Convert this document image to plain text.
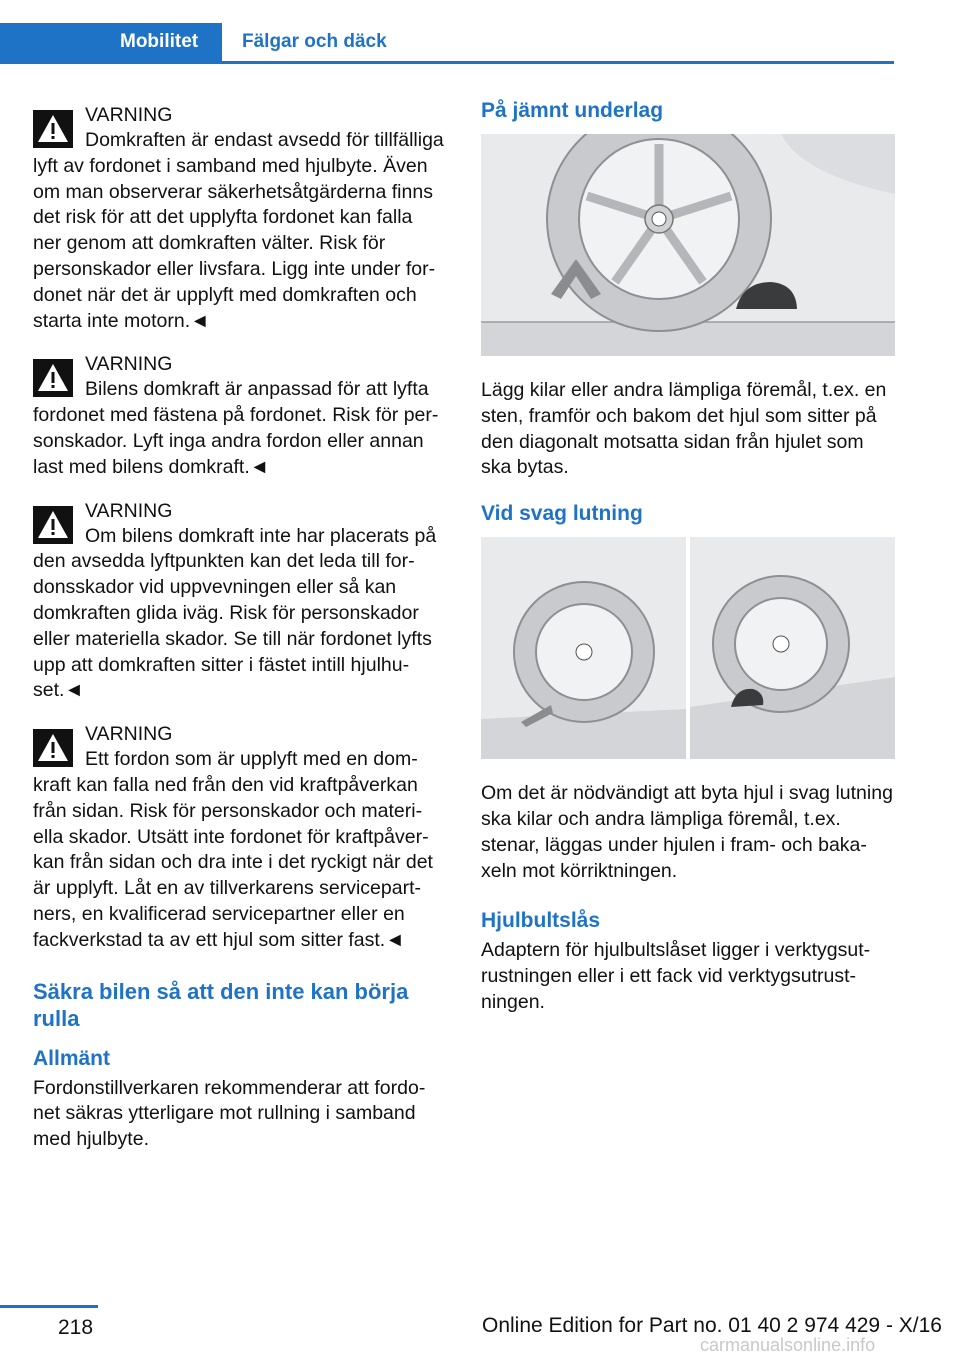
Mobilitet	Fälgar och däck

VARNING

Domkraften är endast avsedd för tillfälliga lyft av fordonet i samband med hjulbyte. Även om man observerar säkerhetsåtgärderna finns det risk för att det upplyfta fordonet kan falla ner genom att domkraften välter. Risk för personskador eller livsfara. Ligg inte under fordonet när det är upplyft med domkraften och starta inte motorn.◄

VARNING

Bilens domkraft är anpassad för att lyfta fordonet med fästena på fordonet. Risk för personskador. Lyft inga andra fordon eller annan last med bilens domkraft.◄

VARNING

Om bilens domkraft inte har placerats på den avsedda lyftpunkten kan det leda till fordonsskador vid uppvevningen eller så kan domkraften glida iväg. Risk för personskador eller materiella skador. Se till när fordonet lyfts upp att domkraften sitter i fästet intill hjulhuset.◄

VARNING

Ett fordon som är upplyft med en domkraft kan falla ned från den vid kraftpåverkan från sidan. Risk för personskador och materiella skador. Utsätt inte fordonet för kraftpåverkan från sidan och dra inte i det ryckigt när det är upplyft. Låt en av tillverkarens servicepartners, en kvalificerad servicepartner eller en fackverkstad ta av ett hjul som sitter fast.◄

Säkra bilen så att den inte kan börja rulla
Allmänt

Fordonstillverkaren rekommenderar att fordonet säkras ytterligare mot rullning i samband med hjulbyte.

På jämnt underlag

Lägg kilar eller andra lämpliga föremål, t.ex. en sten, framför och bakom det hjul som sitter på den diagonalt motsatta sidan från hjulet som ska bytas.

Vid svag lutning

Om det är nödvändigt att byta hjul i svag lutning ska kilar och andra lämpliga föremål, t.ex. stenar, läggas under hjulen i fram- och bakaxeln mot körriktningen.

Hjulbultslås

Adaptern för hjulbultslåset ligger i verktygsutrustningen eller i ett fack vid verktygsutrustningen.

218	Online Edition for Part no. 01 40 2 974 429 - X/16
carmanualsonline.info
